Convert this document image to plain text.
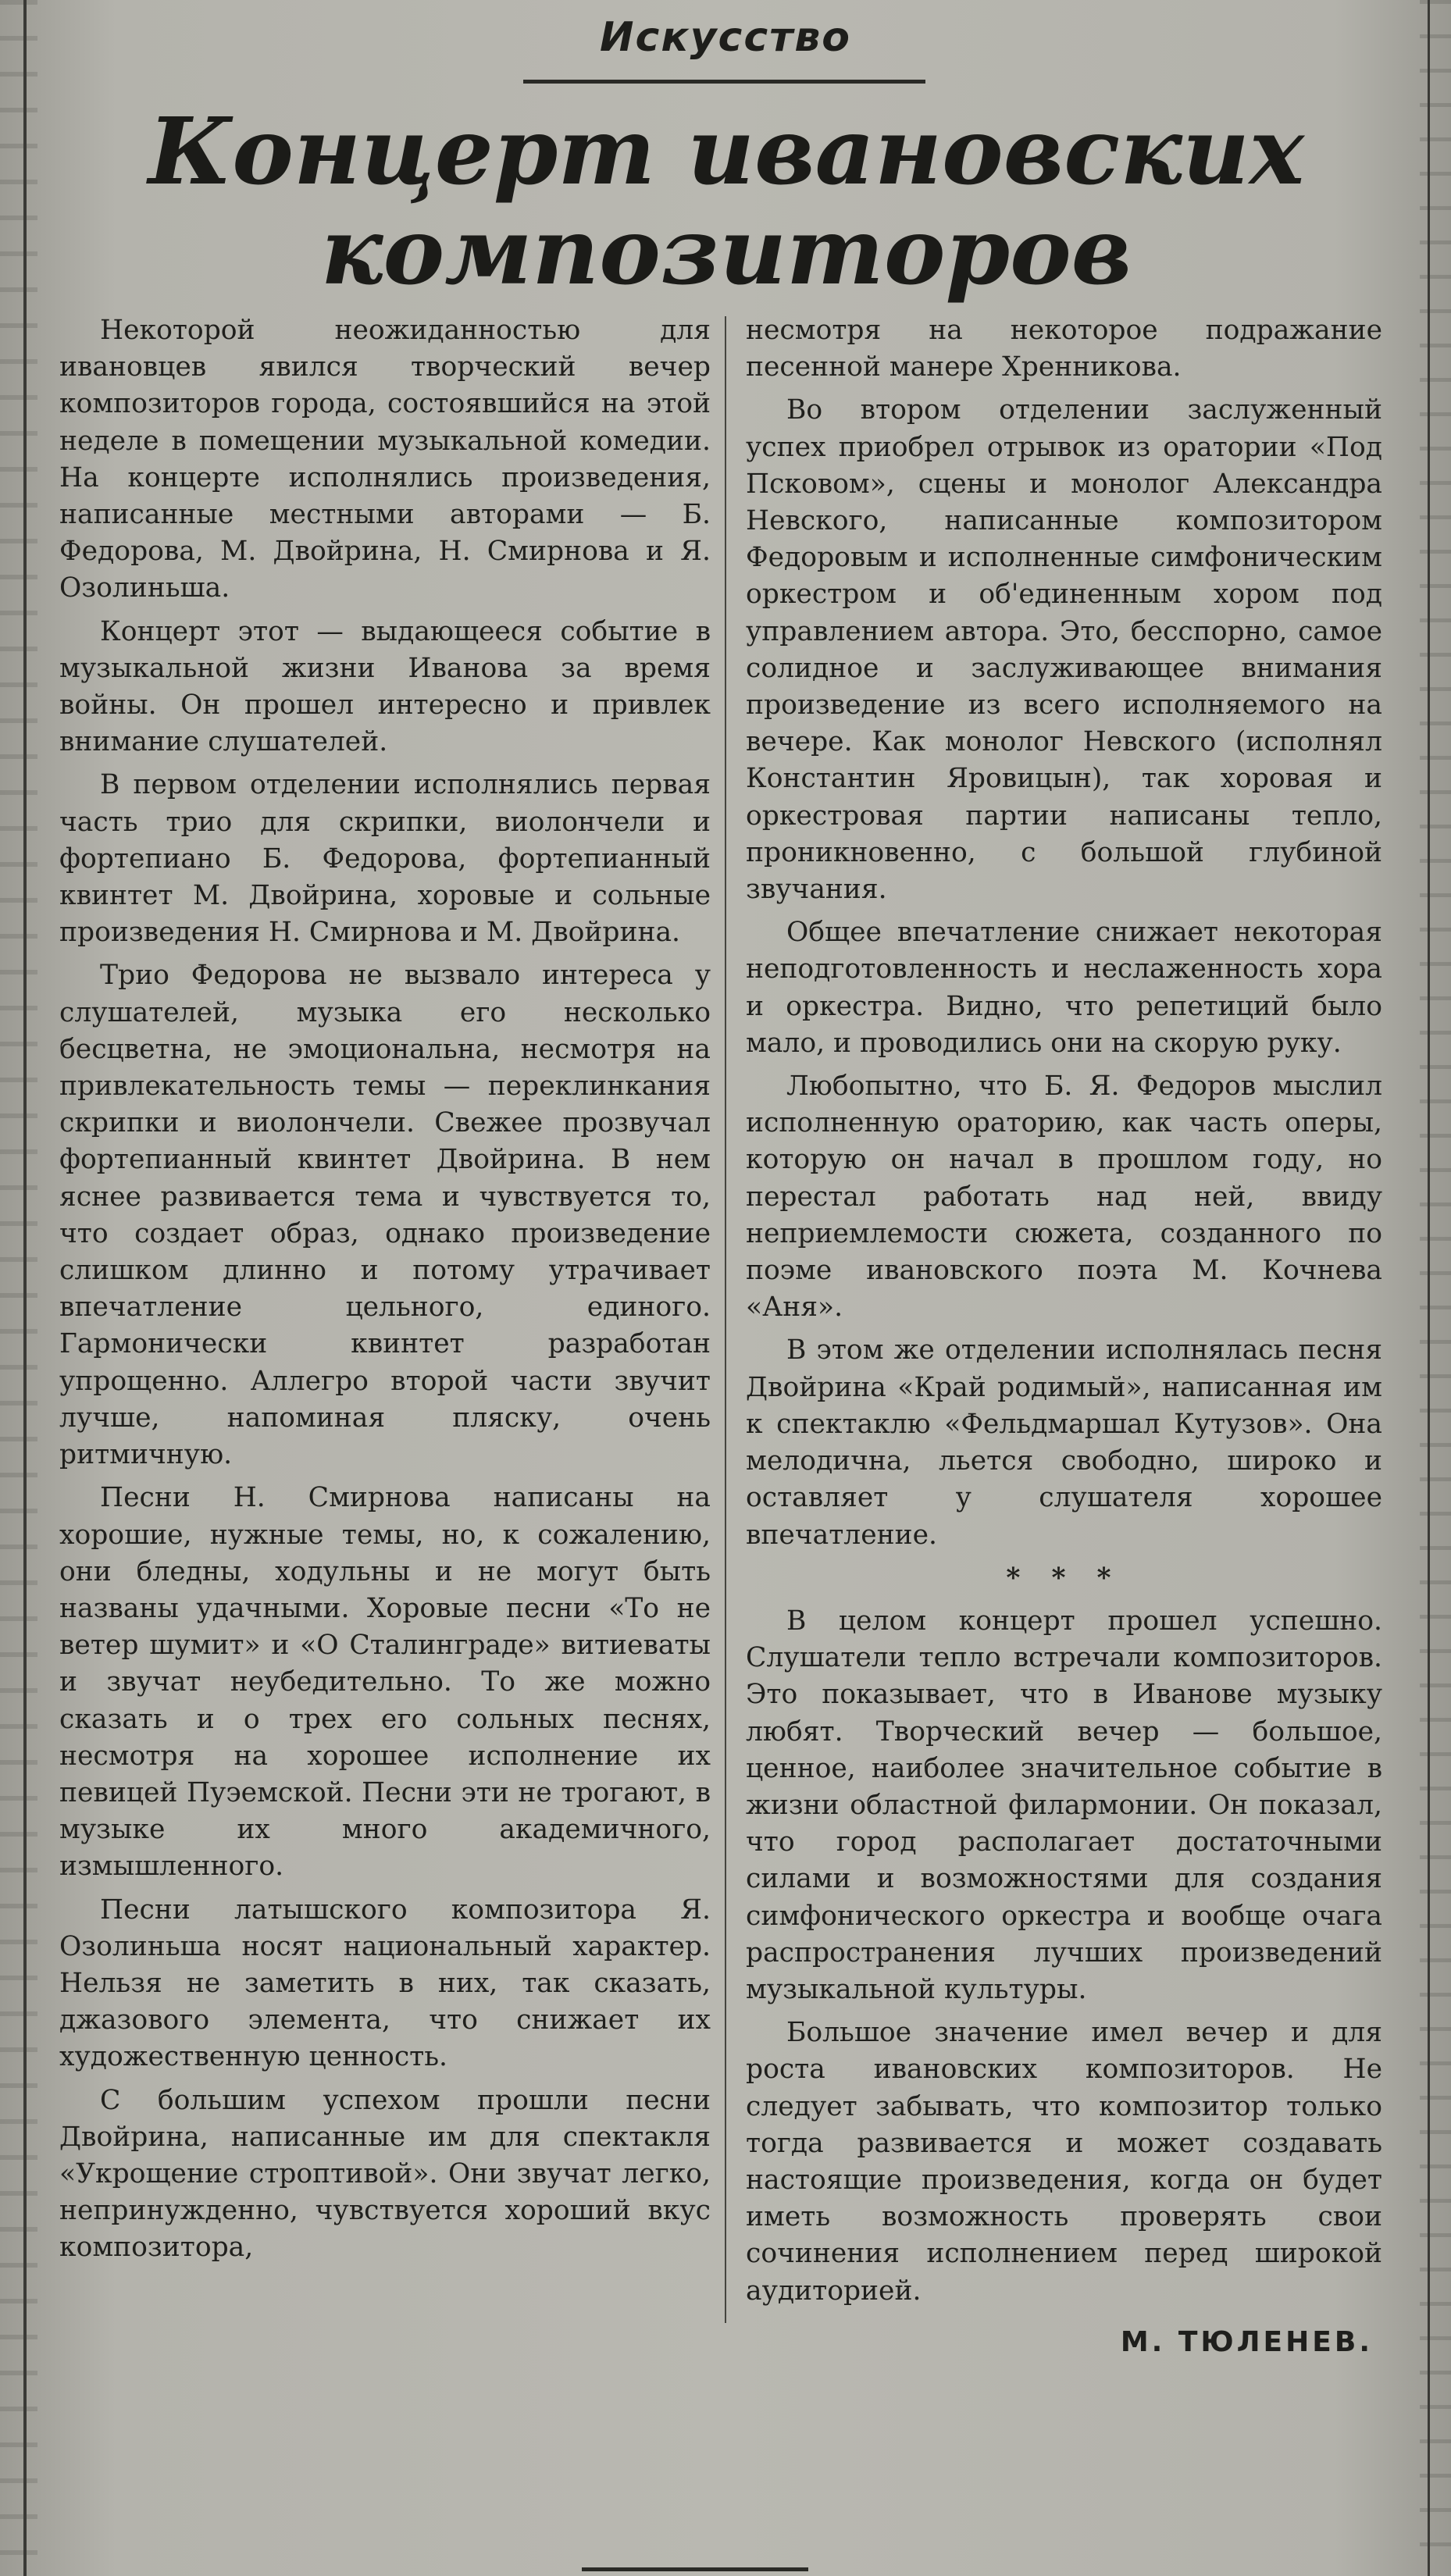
Искусство
Концерт ивановских
композиторов

Некоторой неожиданностью для ивановцев явился творческий вечер композиторов города, состоявшийся на этой неделе в помещении музыкальной комедии. На концерте исполнялись произведения, написанные местными авторами — Б. Федорова, М. Двойрина, Н. Смирнова и Я. Озолиньша.

Концерт этот — выдающееся событие в музыкальной жизни Иванова за время войны. Он прошел интересно и привлек внимание слушателей.

В первом отделении исполнялись первая часть трио для скрипки, виолончели и фортепиано Б. Федорова, фортепианный квинтет М. Двойрина, хоровые и сольные произведения Н. Смирнова и М. Двойрина.

Трио Федорова не вызвало интереса у слушателей, музыка его несколько бесцветна, не эмоциональна, несмотря на привлекательность темы — переклинкания скрипки и виолончели. Свежее прозвучал фортепианный квинтет Двойрина. В нем яснее развивается тема и чувствуется то, что создает образ, однако произведение слишком длинно и потому утрачивает впечатление цельного, единого. Гармонически квинтет разработан упрощенно. Аллегро второй части звучит лучше, напоминая пляску, очень ритмичную.

Песни Н. Смирнова написаны на хорошие, нужные темы, но, к сожалению, они бледны, ходульны и не могут быть названы удачными. Хоровые песни «То не ветер шумит» и «О Сталинграде» витиеваты и звучат неубедительно. То же можно сказать и о трех его сольных песнях, несмотря на хорошее исполнение их певицей Пуэемской. Песни эти не трогают, в музыке их много академичного, измышленного.

Песни латышского композитора Я. Озолиньша носят национальный характер. Нельзя не заметить в них, так сказать, джазового элемента, что снижает их художественную ценность.

С большим успехом прошли песни Двойрина, написанные им для спектакля «Укрощение строптивой». Они звучат легко, непринужденно, чувствуется хороший вкус композитора,

несмотря на некоторое подражание песенной манере Хренникова.

Во втором отделении заслуженный успех приобрел отрывок из оратории «Под Псковом», сцены и монолог Александра Невского, написанные композитором Федоровым и исполненные симфоническим оркестром и об'единенным хором под управлением автора. Это, бесспорно, самое солидное и заслуживающее внимания произведение из всего исполняемого на вечере. Как монолог Невского (исполнял Константин Яровицын), так хоровая и оркестровая партии написаны тепло, проникновенно, с большой глубиной звучания.

Общее впечатление снижает некоторая неподготовленность и неслаженность хора и оркестра. Видно, что репетиций было мало, и проводились они на скорую руку.

Любопытно, что Б. Я. Федоров мыслил исполненную ораторию, как часть оперы, которую он начал в прошлом году, но перестал работать над ней, ввиду неприемлемости сюжета, созданного по поэме ивановского поэта М. Кочнева «Аня».

В этом же отделении исполнялась песня Двойрина «Край родимый», написанная им к спектаклю «Фельдмаршал Кутузов». Она мелодична, льется свободно, широко и оставляет у слушателя хорошее впечатление.

* * *

В целом концерт прошел успешно. Слушатели тепло встречали композиторов. Это показывает, что в Иванове музыку любят. Творческий вечер — большое, ценное, наиболее значительное событие в жизни областной филармонии. Он показал, что город располагает достаточными силами и возможностями для создания симфонического оркестра и вообще очага распространения лучших произведений музыкальной культуры.

Большое значение имел вечер и для роста ивановских композиторов. Не следует забывать, что композитор только тогда развивается и может создавать настоящие произведения, когда он будет иметь возможность проверять свои сочинения исполнением перед широкой аудиторией.

М. ТЮЛЕНЕВ.
